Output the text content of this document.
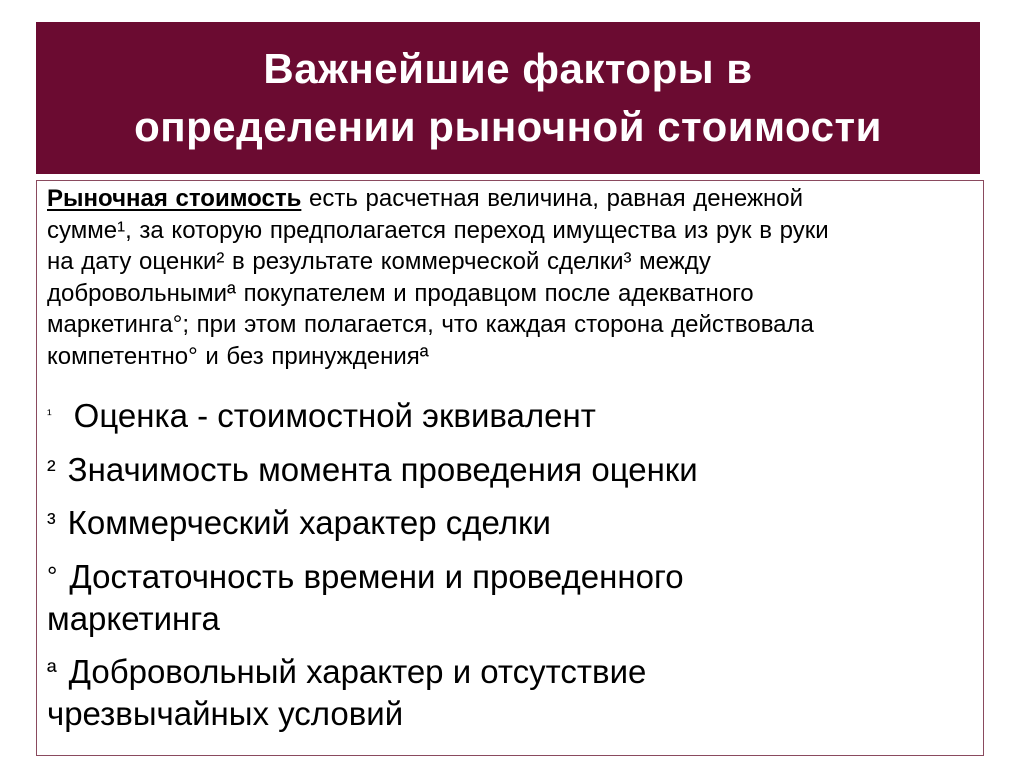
Важнейшие факторы в
определении рыночной стоимости

Рыночная стоимость есть расчетная величина, равная денежной
сумме¹, за которую предполагается переход имущества из рук в руки
на дату оценки² в результате коммерческой сделки³ между
добровольнымиª покупателем и продавцом после адекватного
маркетинга°; при этом полагается, что каждая сторона действовала
компетентно° и без принужденияª

¹ Оценка - стоимостной эквивалент
² Значимость момента проведения оценки
³ Коммерческий характер сделки
° Достаточность времени и проведенного
маркетинга
ª Добровольный характер и отсутствие
чрезвычайных условий
